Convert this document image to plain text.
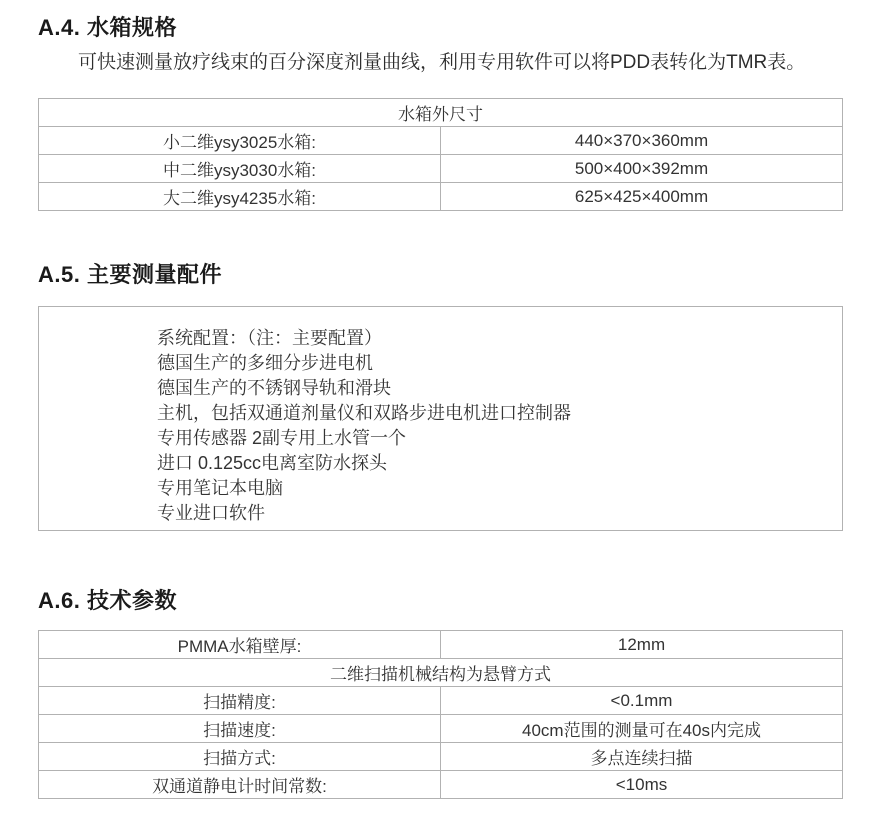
A.4. 水箱规格

可快速测量放疗线束的百分深度剂量曲线，利用专用软件可以将PDD表转化为TMR表。

水箱外尺寸	
小二维ysy3025水箱:	440×370×360mm
中二维ysy3030水箱:	500×400×392mm
大二维ysy4235水箱:	625×425×400mm
A.5. 主要测量配件
系统配置：（注：主要配置）
德国生产的多细分步进电机
德国生产的不锈钢导轨和滑块
主机，包括双通道剂量仪和双路步进电机进口控制器
专用传感器 2副专用上水管一个
进口 0.125cc电离室防水探头
专用笔记本电脑
专业进口软件
A.6. 技术参数
PMMA水箱壁厚:	12mm
二维扫描机械结构为悬臂方式	
扫描精度:	<0.1mm
扫描速度:	40cm范围的测量可在40s内完成
扫描方式:	多点连续扫描
双通道静电计时间常数:	<10ms
